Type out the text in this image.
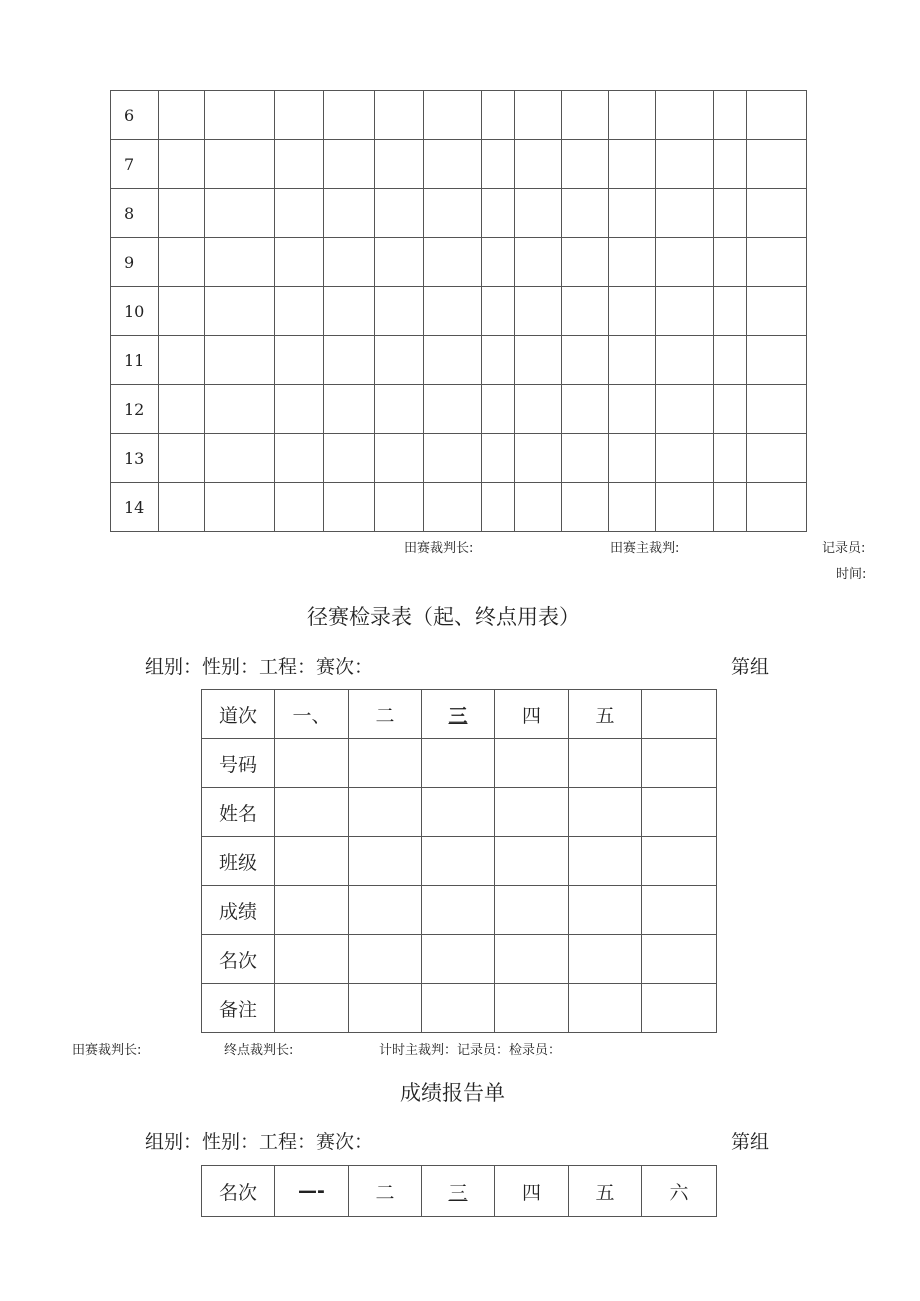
6													
7													
8													
9													
10													
11													
12													
13													
14													
田赛裁判长:	田赛主裁判:	记录员:
时间:
径赛检录表（起、终点用表）
组别：性别：工程：赛次：	第组
道次	一、	二	三	四	五	
号码						
姓名						
班级						
成绩						
名次						
备注						
田赛裁判长:	终点裁判长:	计时主裁判：记录员：检录员：
成绩报告单
组别：性别：工程：赛次：	第组
名次	—-	二	三	四	五	六
